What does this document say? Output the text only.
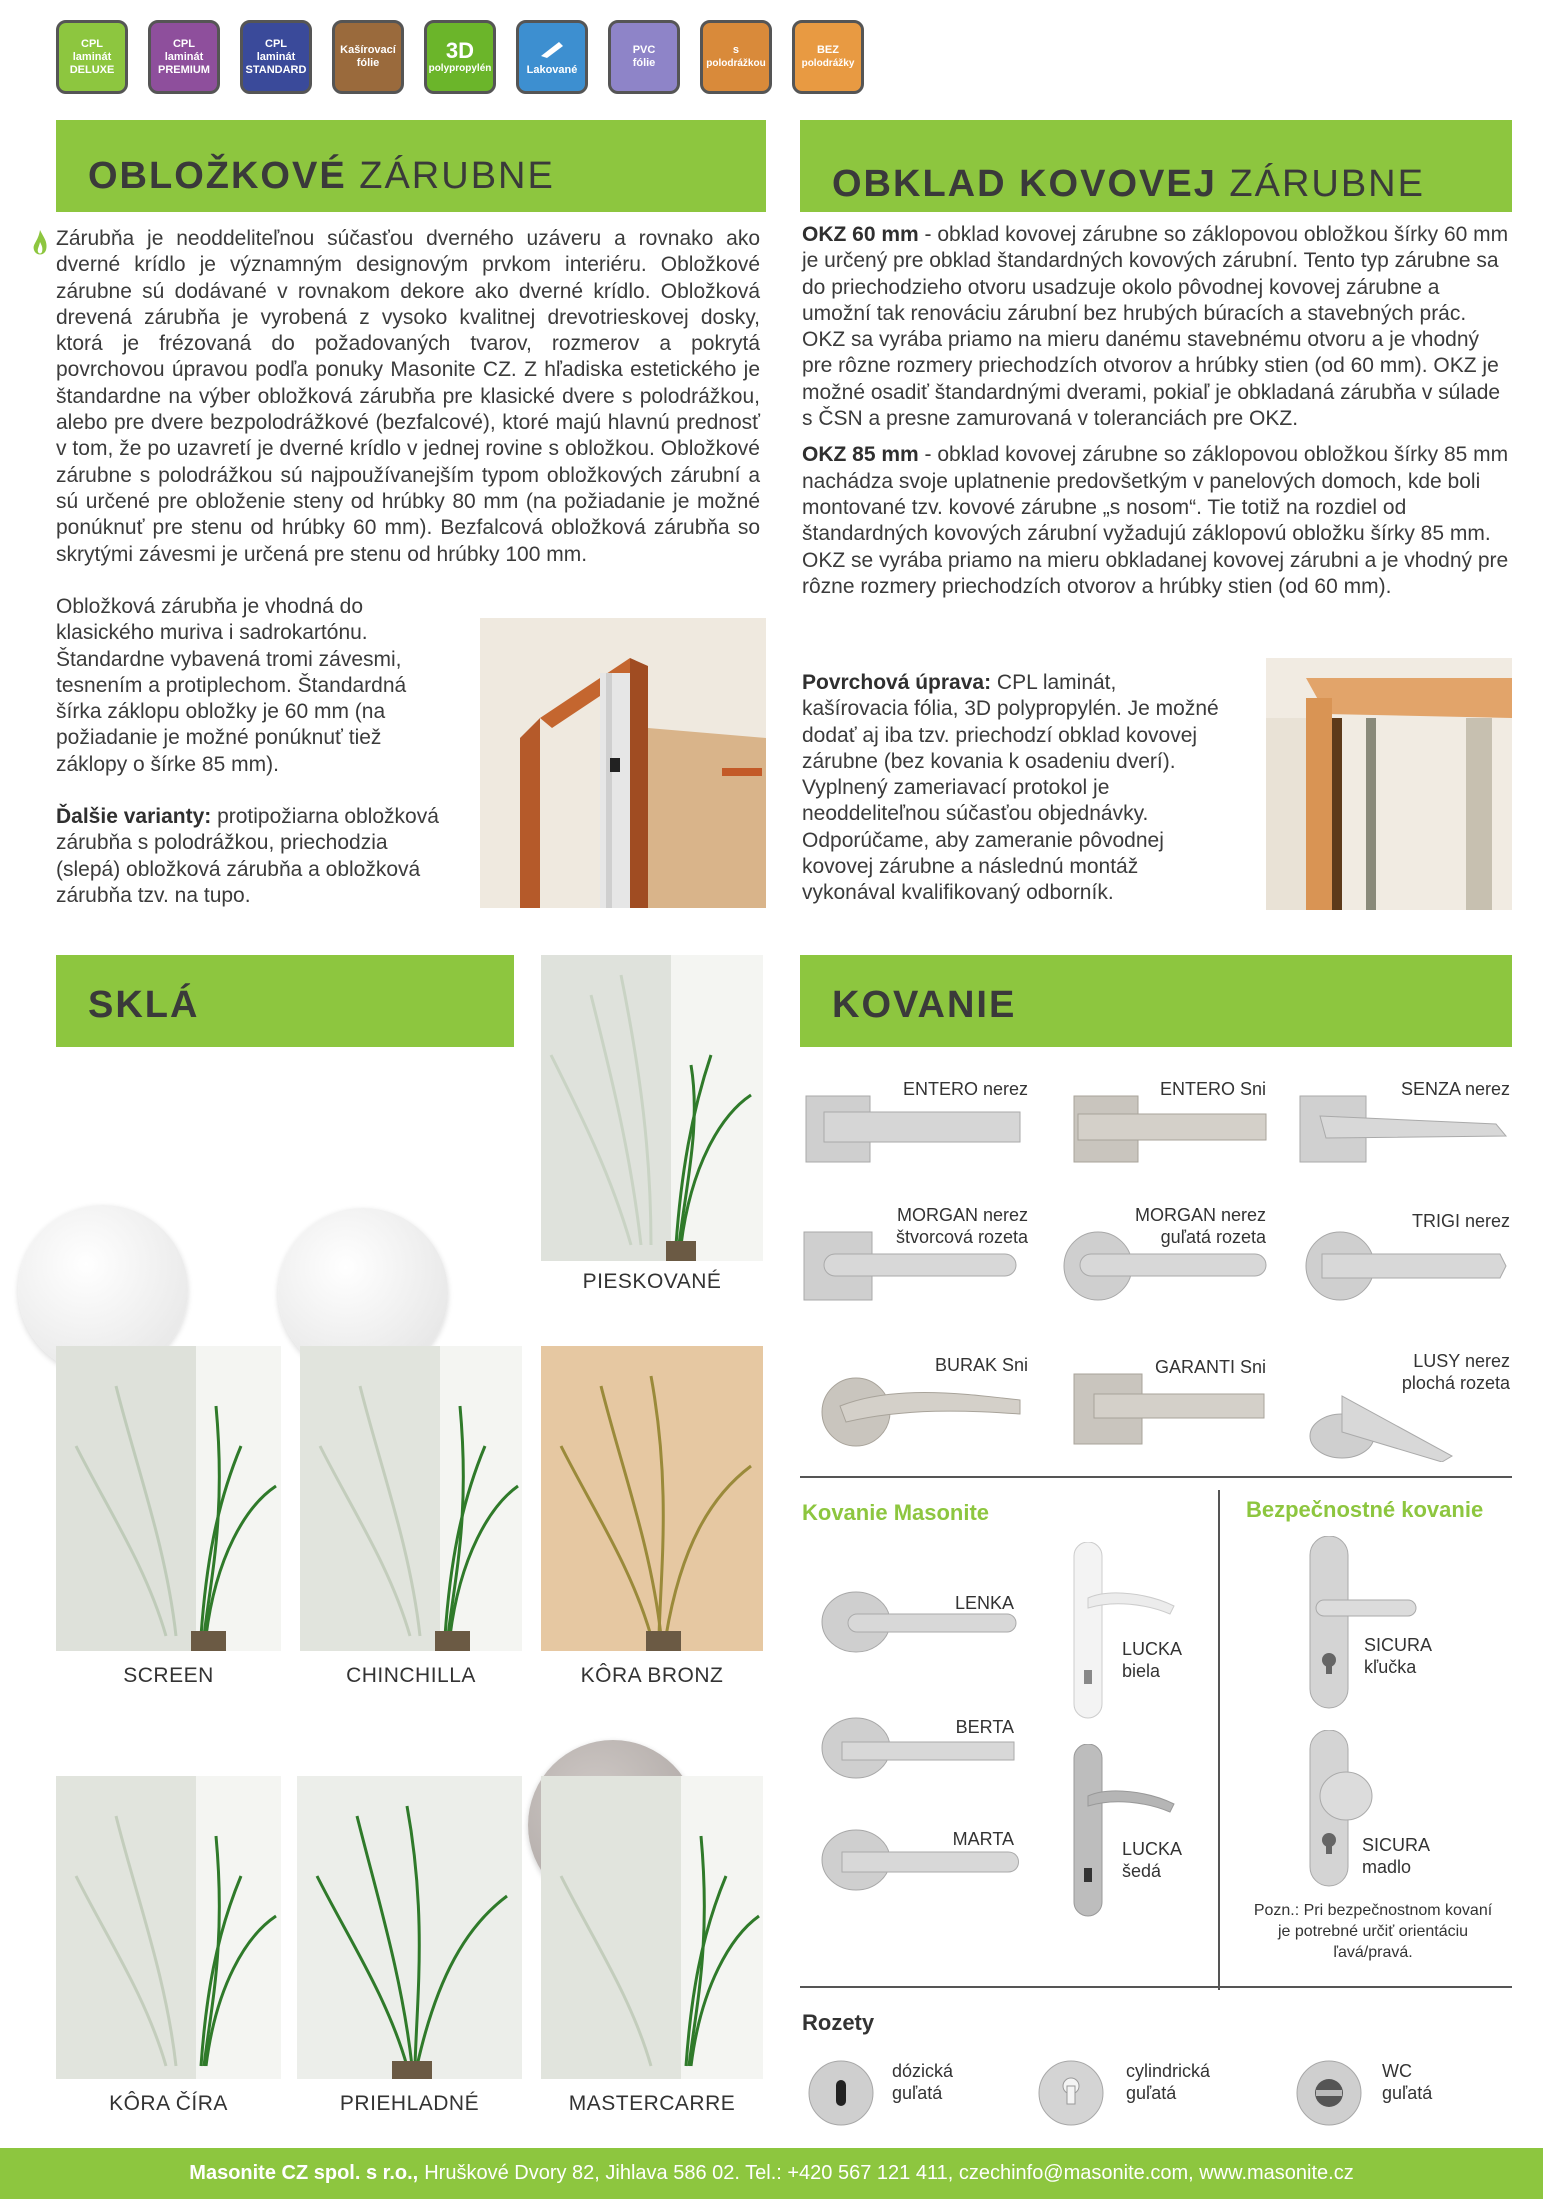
CPL
laminát
DELUXE
CPL
laminát
PREMIUM
CPL
laminát
STANDARD
Kašírovací
fólie
3D
polypropylén	Lakované
PVC
fólie
s
polodrážkou
BEZ
polodrážky
OBLOŽKOVÉ ZÁRUBNE

Zárubňa je neoddeliteľnou súčasťou dverného uzáveru a rovnako ako dverné krídlo je významným designovým prvkom interiéru. Obložkové zárubne sú dodávané v rovnakom dekore ako dverné krídlo. Obložková drevená zárubňa je vyrobená z vysoko kvalitnej drevotrieskovej dosky, ktorá je frézovaná do požadovaných tvarov, rozmerov a pokrytá povrchovou úpravou podľa ponuky Masonite CZ. Z hľadiska estetického je štandardne na výber obložková zárubňa pre klasické dvere s polodrážkou, alebo pre dvere bezpolodrážkové (bezfalcové), ktoré majú hlavnú prednosť v tom, že po uzavretí je dverné krídlo v jednej rovine s obložkou. Obložkové zárubne s polodrážkou sú najpoužívanejším typom obložkových zárubní a sú určené pre obloženie steny od hrúbky 80 mm (na požiadanie je možné ponúknuť pre stenu od hrúbky 60 mm). Bezfalcová obložková zárubňa so skrytými závesmi je určená pre stenu od hrúbky 100 mm.

Obložková zárubňa je vhodná do klasického muriva i sadrokartónu. Štandardne vybavená tromi závesmi, tesnením a protiplechom. Štandardná šírka záklopu obložky je 60 mm (na požiadanie je možné ponúknuť tiež záklopy o šírke 85 mm).

Ďalšie varianty: protipožiarna obložková zárubňa s polodrážkou, priechodzia (slepá) obložková zárubňa a obložková zárubňa tzv. na tupo.

OBKLAD KOVOVEJ ZÁRUBNE

OKZ 60 mm - obklad kovovej zárubne so záklopovou obložkou šírky 60 mm je určený pre obklad štandardných kovových zárubní. Tento typ zárubne sa do priechodzieho otvoru usadzuje okolo pôvodnej kovovej zárubne a umožní tak renováciu zárubní bez hrubých búracích a stavebných prác. OKZ sa vyrába priamo na mieru danému stavebnému otvoru a je vhodný pre rôzne rozmery priechodzích otvorov a hrúbky stien (od 60 mm). OKZ je možné osadiť štandardnými dverami, pokiaľ je obkladaná zárubňa v súlade s ČSN a presne zamurovaná v toleranciách pre OKZ.

OKZ 85 mm - obklad kovovej zárubne so záklopovou obložkou šírky 85 mm nachádza svoje uplatnenie predovšetkým v panelových domoch, kde boli montované tzv. kovové zárubne „s nosom“. Tie totiž na rozdiel od štandardných kovových zárubní vyžadujú záklopovú obložku šírky 85 mm. OKZ se vyrába priamo na mieru obkladanej kovovej zárubni a je vhodný pre rôzne rozmery priechodzích otvorov a hrúbky stien (od 60 mm).

Povrchová úprava: CPL laminát, kašírovacia fólia, 3D polypropylén. Je možné dodať aj iba tzv. priechodzí obklad kovovej zárubne (bez kovania k osadeniu dverí). Vyplnený zameriavací protokol je neoddeliteľnou súčasťou objednávky. Odporúčame, aby zameranie pôvodnej kovovej zárubne a následnú montáž vykonával kvalifikovaný odborník.

SKLÁ
PIESKOVANÉ
SCREEN	CHINCHILLA	KÔRA BRONZ
KÔRA ČÍRA	PRIEHLADNÉ	MASTERCARRE
KOVANIE
ENTERO nerez	ENTERO Sni	SENZA nerez
MORGAN nerez
štvorcová rozeta
MORGAN nerez
guľatá rozeta
TRIGI nerez
BURAK Sni	GARANTI Sni	LUSY nerez
plochá rozeta
Kovanie Masonite	Bezpečnostné kovanie
LENKA
BERTA
MARTA
LUCKA
biela
LUCKA
šedá
SICURA
kľučka
SICURA
madlo
Pozn.: Pri bezpečnostnom kovaní
je potrebné určiť orientáciu
ľavá/pravá.
Rozety
dózická
guľatá
cylindrická
guľatá
WC
guľatá
Masonite CZ spol. s r.o., Hruškové Dvory 82, Jihlava 586 02. Tel.: +420 567 121 411, czechinfo@masonite.com, www.masonite.cz
